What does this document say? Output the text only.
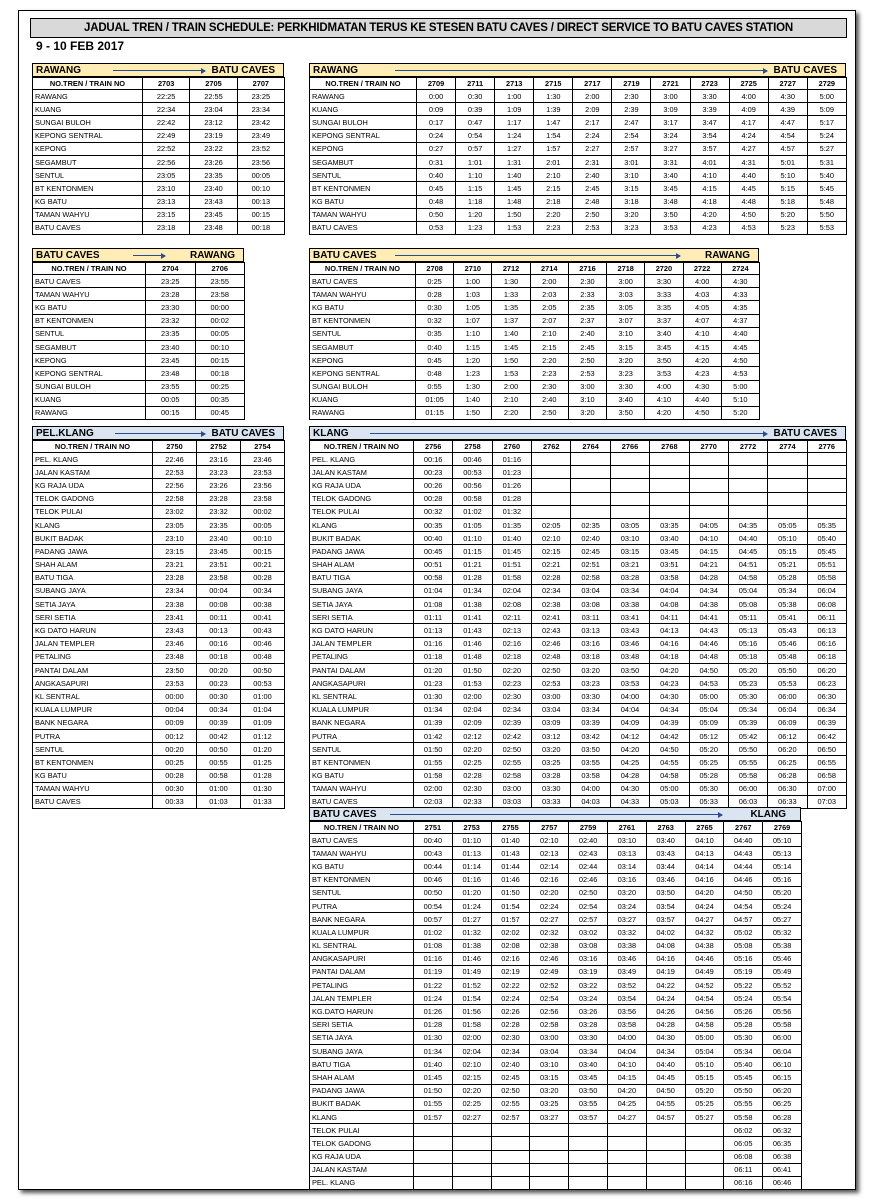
JADUAL TREN / TRAIN SCHEDULE: PERKHIDMATAN TERUS KE STESEN BATU CAVES / DIRECT SERVICE TO BATU CAVES STATION
9 - 10 FEB 2017
RAWANG	BATU CAVES
NO.TREN / TRAIN NO	2703	2705	2707
RAWANG	22:25	22:55	23:25
KUANG	22:34	23:04	23:34
SUNGAI BULOH	22:42	23:12	23:42
KEPONG SENTRAL	22:49	23:19	23:49
KEPONG	22:52	23:22	23:52
SEGAMBUT	22:56	23:26	23:56
SENTUL	23:05	23:35	00:05
BT KENTONMEN	23:10	23:40	00:10
KG BATU	23:13	23:43	00:13
TAMAN WAHYU	23:15	23:45	00:15
BATU CAVES	23:18	23:48	00:18
RAWANG	BATU CAVES
NO.TREN / TRAIN NO	2709	2711	2713	2715	2717	2719	2721	2723	2725	2727	2729
RAWANG	0:00	0:30	1:00	1:30	2:00	2:30	3:00	3:30	4:00	4:30	5:00
KUANG	0:09	0:39	1:09	1:39	2:09	2:39	3:09	3:39	4:09	4:39	5:09
SUNGAI BULOH	0:17	0:47	1:17	1:47	2:17	2:47	3:17	3:47	4:17	4:47	5:17
KEPONG SENTRAL	0:24	0:54	1:24	1:54	2:24	2:54	3:24	3:54	4:24	4:54	5:24
KEPONG	0:27	0:57	1:27	1:57	2:27	2:57	3:27	3:57	4:27	4:57	5:27
SEGAMBUT	0:31	1:01	1:31	2:01	2:31	3:01	3:31	4:01	4:31	5:01	5:31
SENTUL	0:40	1:10	1:40	2:10	2:40	3:10	3:40	4:10	4:40	5:10	5:40
BT KENTONMEN	0:45	1:15	1:45	2:15	2:45	3:15	3:45	4:15	4:45	5:15	5:45
KG BATU	0:48	1:18	1:48	2:18	2:48	3:18	3:48	4:18	4:48	5:18	5:48
TAMAN WAHYU	0:50	1:20	1:50	2:20	2:50	3:20	3:50	4:20	4:50	5:20	5:50
BATU CAVES	0:53	1:23	1:53	2:23	2:53	3:23	3:53	4:23	4:53	5:23	5:53
BATU CAVES	RAWANG
NO.TREN / TRAIN NO	2704	2706
BATU CAVES	23:25	23:55
TAMAN WAHYU	23:28	23:58
KG BATU	23:30	00:00
BT KENTONMEN	23:32	00:02
SENTUL	23:35	00:05
SEGAMBUT	23:40	00:10
KEPONG	23:45	00:15
KEPONG SENTRAL	23:48	00:18
SUNGAI BULOH	23:55	00:25
KUANG	00:05	00:35
RAWANG	00:15	00:45
BATU CAVES	RAWANG
NO.TREN / TRAIN NO	2708	2710	2712	2714	2716	2718	2720	2722	2724
BATU CAVES	0:25	1:00	1:30	2:00	2:30	3:00	3:30	4:00	4:30
TAMAN WAHYU	0:28	1:03	1:33	2:03	2:33	3:03	3:33	4:03	4:33
KG BATU	0:30	1:05	1:35	2:05	2:35	3:05	3:35	4:05	4:35
BT KENTONMEN	0:32	1:07	1:37	2:07	2:37	3:07	3:37	4:07	4:37
SENTUL	0:35	1:10	1:40	2:10	2:40	3:10	3:40	4:10	4:40
SEGAMBUT	0:40	1:15	1:45	2:15	2:45	3:15	3:45	4:15	4:45
KEPONG	0:45	1:20	1:50	2:20	2:50	3:20	3:50	4:20	4:50
KEPONG SENTRAL	0:48	1:23	1:53	2:23	2:53	3:23	3:53	4:23	4:53
SUNGAI BULOH	0:55	1:30	2:00	2:30	3:00	3:30	4:00	4:30	5:00
KUANG	01:05	1:40	2:10	2:40	3:10	3:40	4:10	4:40	5:10
RAWANG	01:15	1:50	2:20	2:50	3:20	3:50	4:20	4:50	5:20
PEL.KLANG	BATU CAVES
NO.TREN / TRAIN NO	2750	2752	2754
PEL. KLANG	22:46	23:16	23:46
JALAN KASTAM	22:53	23:23	23:53
KG RAJA UDA	22:56	23:26	23:56
TELOK GADONG	22:58	23:28	23:58
TELOK PULAI	23:02	23:32	00:02
KLANG	23:05	23:35	00:05
BUKIT BADAK	23:10	23:40	00:10
PADANG JAWA	23:15	23:45	00:15
SHAH ALAM	23:21	23:51	00:21
BATU TIGA	23:28	23:58	00:28
SUBANG JAYA	23:34	00:04	00:34
SETIA JAYA	23:38	00:08	00:38
SERI SETIA	23:41	00:11	00:41
KG DATO HARUN	23:43	00:13	00:43
JALAN TEMPLER	23:46	00:16	00:46
PETALING	23:48	00:18	00:48
PANTAI DALAM	23:50	00:20	00:50
ANGKASAPURI	23:53	00:23	00:53
KL SENTRAL	00:00	00:30	01:00
KUALA LUMPUR	00:04	00:34	01:04
BANK NEGARA	00:09	00:39	01:09
PUTRA	00:12	00:42	01:12
SENTUL	00:20	00:50	01:20
BT KENTONMEN	00:25	00:55	01:25
KG BATU	00:28	00:58	01:28
TAMAN WAHYU	00:30	01:00	01:30
BATU CAVES	00:33	01:03	01:33
KLANG	BATU CAVES
NO.TREN / TRAIN NO	2756	2758	2760	2762	2764	2766	2768	2770	2772	2774	2776
PEL. KLANG	00:16	00:46	01:16								
JALAN KASTAM	00:23	00:53	01:23								
KG RAJA UDA	00:26	00:56	01:26								
TELOK GADONG	00:28	00:58	01:28								
TELOK PULAI	00:32	01:02	01:32								
KLANG	00:35	01:05	01:35	02:05	02:35	03:05	03:35	04:05	04:35	05:05	05:35
BUKIT BADAK	00:40	01:10	01:40	02:10	02:40	03:10	03:40	04:10	04:40	05:10	05:40
PADANG JAWA	00:45	01:15	01:45	02:15	02:45	03:15	03:45	04:15	04:45	05:15	05:45
SHAH ALAM	00:51	01:21	01:51	02:21	02:51	03:21	03:51	04:21	04:51	05:21	05:51
BATU TIGA	00:58	01:28	01:58	02:28	02:58	03:28	03:58	04:28	04:58	05:28	05:58
SUBANG JAYA	01:04	01:34	02:04	02:34	03:04	03:34	04:04	04:34	05:04	05:34	06:04
SETIA JAYA	01:08	01:38	02:08	02:38	03:08	03:38	04:08	04:38	05:08	05:38	06:08
SERI SETIA	01:11	01:41	02:11	02:41	03:11	03:41	04:11	04:41	05:11	05:41	06:11
KG DATO HARUN	01:13	01:43	02:13	02:43	03:13	03:43	04:13	04:43	05:13	05:43	06:13
JALAN TEMPLER	01:16	01:46	02:16	02:46	03:16	03:46	04:16	04:46	05:16	05:46	06:16
PETALING	01:18	01:48	02:18	02:48	03:18	03:48	04:18	04:48	05:18	05:48	06:18
PANTAI DALAM	01:20	01:50	02:20	02:50	03:20	03:50	04:20	04:50	05:20	05:50	06:20
ANGKASAPURI	01:23	01:53	02:23	02:53	03:23	03:53	04:23	04:53	05:23	05:53	06:23
KL SENTRAL	01:30	02:00	02:30	03:00	03:30	04:00	04:30	05:00	05:30	06:00	06:30
KUALA LUMPUR	01:34	02:04	02:34	03:04	03:34	04:04	04:34	05:04	05:34	06:04	06:34
BANK NEGARA	01:39	02:09	02:39	03:09	03:39	04:09	04:39	05:09	05:39	06:09	06:39
PUTRA	01:42	02:12	02:42	03:12	03:42	04:12	04:42	05:12	05:42	06:12	06:42
SENTUL	01:50	02:20	02:50	03:20	03:50	04:20	04:50	05:20	05:50	06:20	06:50
BT KENTONMEN	01:55	02:25	02:55	03:25	03:55	04:25	04:55	05:25	05:55	06:25	06:55
KG BATU	01:58	02:28	02:58	03:28	03:58	04:28	04:58	05:28	05:58	06:28	06:58
TAMAN WAHYU	02:00	02:30	03:00	03:30	04:00	04:30	05:00	05:30	06:00	06:30	07:00
BATU CAVES	02:03	02:33	03:03	03:33	04:03	04:33	05:03	05:33	06:03	06:33	07:03
BATU CAVES	KLANG
NO.TREN / TRAIN NO	2751	2753	2755	2757	2759	2761	2763	2765	2767	2769
BATU CAVES	00:40	01:10	01:40	02:10	02:40	03:10	03:40	04:10	04:40	05:10
TAMAN WAHYU	00:43	01:13	01:43	02:13	02:43	03:13	03:43	04:13	04:43	05:13
KG BATU	00:44	01:14	01:44	02:14	02:44	03:14	03:44	04:14	04:44	05:14
BT KENTONMEN	00:46	01:16	01:46	02:16	02:46	03:16	03:46	04:16	04:46	05:16
SENTUL	00:50	01:20	01:50	02:20	02:50	03:20	03:50	04:20	04:50	05:20
PUTRA	00:54	01:24	01:54	02:24	02:54	03:24	03:54	04:24	04:54	05:24
BANK NEGARA	00:57	01:27	01:57	02:27	02:57	03:27	03:57	04:27	04:57	05:27
KUALA LUMPUR	01:02	01:32	02:02	02:32	03:02	03:32	04:02	04:32	05:02	05:32
KL SENTRAL	01:08	01:38	02:08	02:38	03:08	03:38	04:08	04:38	05:08	05:38
ANGKASAPURI	01:16	01:46	02:16	02:46	03:16	03:46	04:16	04:46	05:16	05:46
PANTAI DALAM	01:19	01:49	02:19	02:49	03:19	03:49	04:19	04:49	05:19	05:49
PETALING	01:22	01:52	02:22	02:52	03:22	03:52	04:22	04:52	05:22	05:52
JALAN TEMPLER	01:24	01:54	02:24	02:54	03:24	03:54	04:24	04:54	05:24	05:54
KG.DATO HARUN	01:26	01:56	02:26	02:56	03:26	03:56	04:26	04:56	05:26	05:56
SERI SETIA	01:28	01:58	02:28	02:58	03:28	03:58	04:28	04:58	05:28	05:58
SETIA JAYA	01:30	02:00	02:30	03:00	03:30	04:00	04:30	05:00	05:30	06:00
SUBANG JAYA	01:34	02:04	02:34	03:04	03:34	04:04	04:34	05:04	05:34	06:04
BATU TIGA	01:40	02:10	02:40	03:10	03:40	04:10	04:40	05:10	05:40	06:10
SHAH ALAM	01:45	02:15	02:45	03:15	03:45	04:15	04:45	05:15	05:45	06:15
PADANG JAWA	01:50	02:20	02:50	03:20	03:50	04:20	04:50	05:20	05:50	06:20
BUKIT BADAK	01:55	02:25	02:55	03:25	03:55	04:25	04:55	05:25	05:55	06:25
KLANG	01:57	02:27	02:57	03:27	03:57	04:27	04:57	05:27	05:58	06:28
TELOK PULAI									06:02	06:32
TELOK GADONG									06:05	06:35
KG RAJA UDA									06:08	06:38
JALAN KASTAM									06:11	06:41
PEL. KLANG									06:16	06:46
